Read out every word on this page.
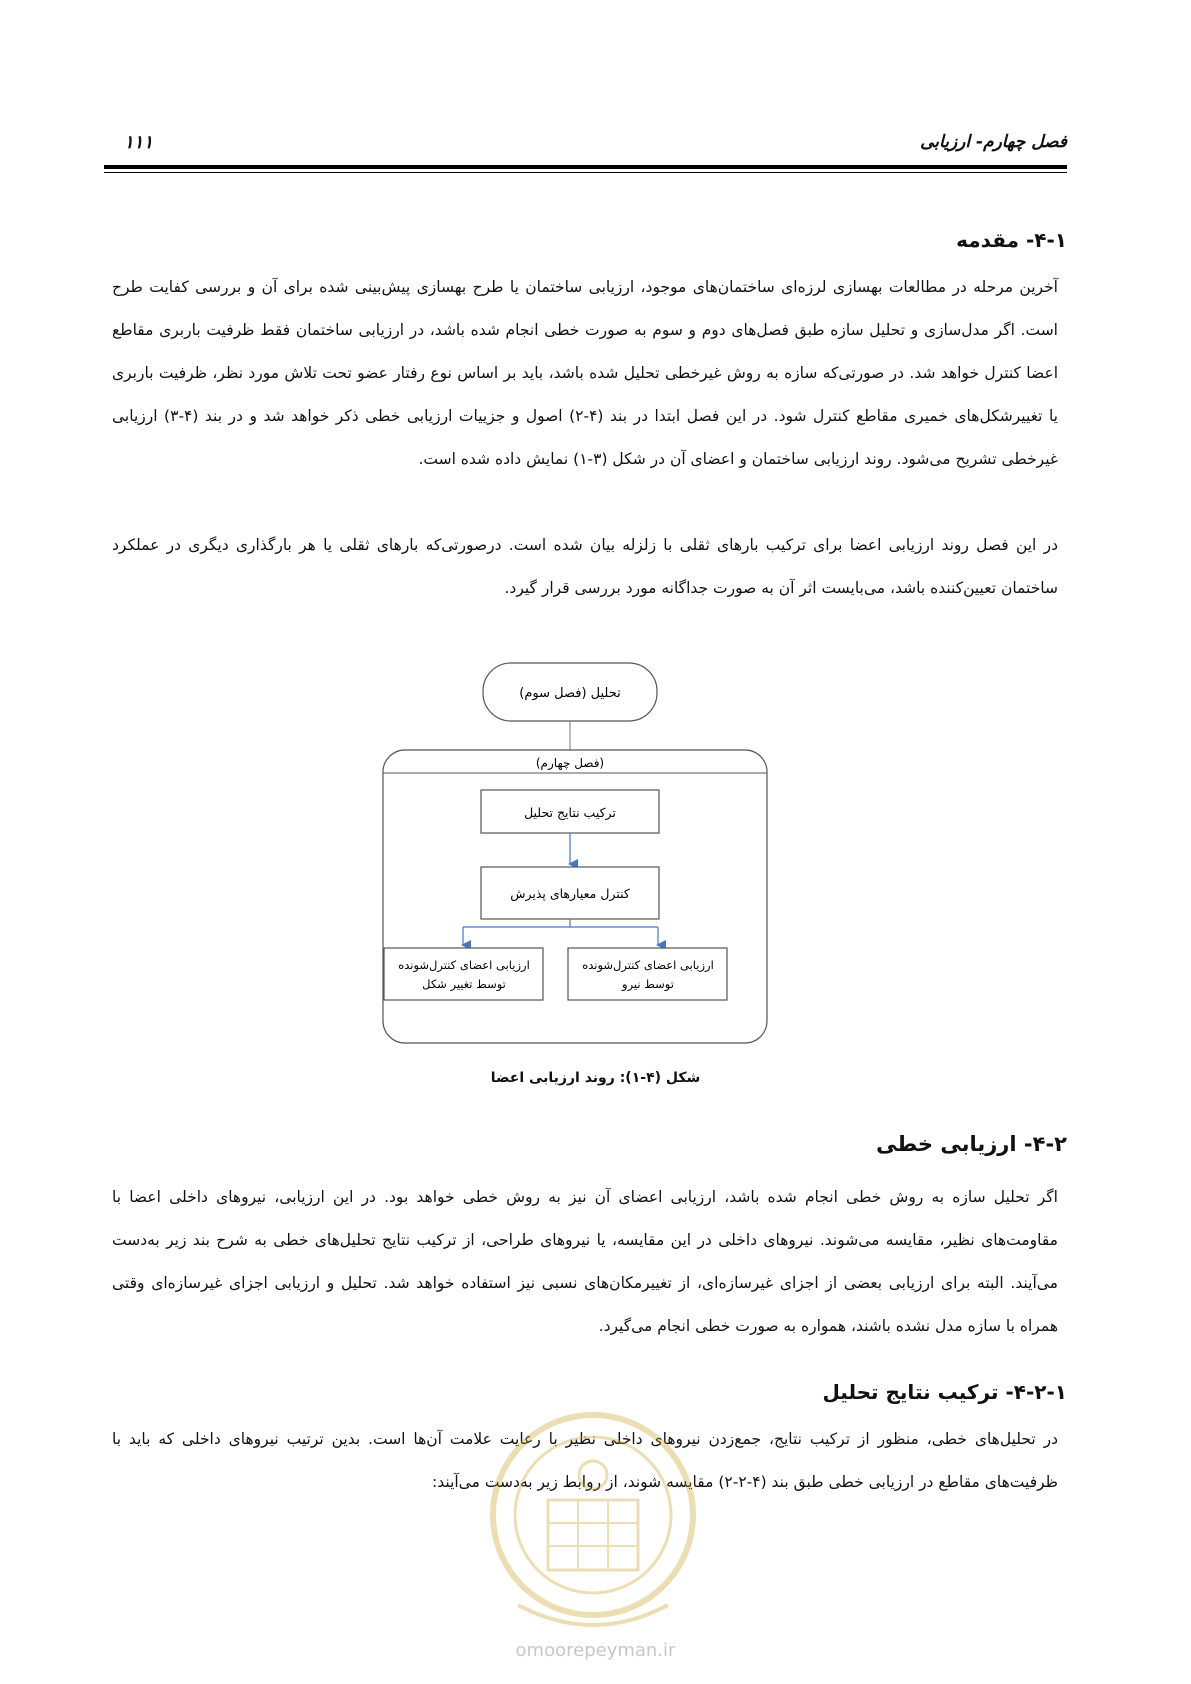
۱۱۱	فصل چهارم- ارزیابی
۴-۱- مقدمه
آخرین مرحله در مطالعات بهسازی لرزه‌ای ساختمان‌های موجود، ارزیابی ساختمان یا طرح بهسازی پیش‌بینی شده برای آن و بررسی کفایت طرح است. اگر مدل‌سازی و تحلیل سازه طبق فصل‌های دوم و سوم به صورت خطی انجام شده باشد، در ارزیابی ساختمان فقط ظرفیت باربری مقاطع اعضا کنترل خواهد شد. در صورتی‌که سازه به روش غیرخطی تحلیل شده باشد، باید بر اساس نوع رفتار عضو تحت تلاش مورد نظر، ظرفیت باربری یا تغییرشکل‌های خمیری مقاطع کنترل شود. در این فصل ابتدا در بند (۴-۲) اصول و جزییات ارزیابی خطی ذکر خواهد شد و در بند (۴-۳) ارزیابی غیرخطی تشریح می‌شود. روند ارزیابی ساختمان و اعضای آن در شکل (۳-۱) نمایش داده شده است.
در این فصل روند ارزیابی اعضا برای ترکیب بارهای ثقلی با زلزله بیان شده است. درصورتی‌که بارهای ثقلی یا هر بارگذاری دیگری در عملکرد ساختمان تعیین‌کننده باشد، می‌بایست اثر آن به صورت جداگانه مورد بررسی قرار گیرد.
تحلیل (فصل سوم)
(فصل چهارم)
ترکیب نتایج تحلیل
کنترل معیارهای پذیرش
ارزیابی اعضای کنترل‌شونده
توسط تغییر شکل
ارزیابی اعضای کنترل‌شونده
توسط نیرو
شکل (۴-۱): روند ارزیابی اعضا
۴-۲- ارزیابی خطی
اگر تحلیل سازه به روش خطی انجام شده باشد، ارزیابی اعضای آن نیز به روش خطی خواهد بود. در این ارزیابی، نیروهای داخلی اعضا با مقاومت‌های نظیر، مقایسه می‌شوند. نیروهای داخلی در این مقایسه، یا نیروهای طراحی، از ترکیب نتایج تحلیل‌های خطی به شرح بند زیر به‌دست می‌آیند. البته برای ارزیابی بعضی از اجزای غیرسازه‌ای، از تغییرمکان‌های نسبی نیز استفاده خواهد شد. تحلیل و ارزیابی اجزای غیرسازه‌ای وقتی همراه با سازه مدل نشده باشند، همواره به صورت خطی انجام می‌گیرد.
۴-۲-۱- ترکیب نتایج تحلیل
در تحلیل‌های خطی، منظور از ترکیب نتایج، جمع‌زدن نیروهای داخلی نظیر با رعایت علامت آن‌ها است. بدین ترتیب نیروهای داخلی که باید با ظرفیت‌های مقاطع در ارزیابی خطی طبق بند (۴-۲-۲) مقایسه شوند، از روابط زیر به‌دست می‌آیند:
omoorepeyman.ir
